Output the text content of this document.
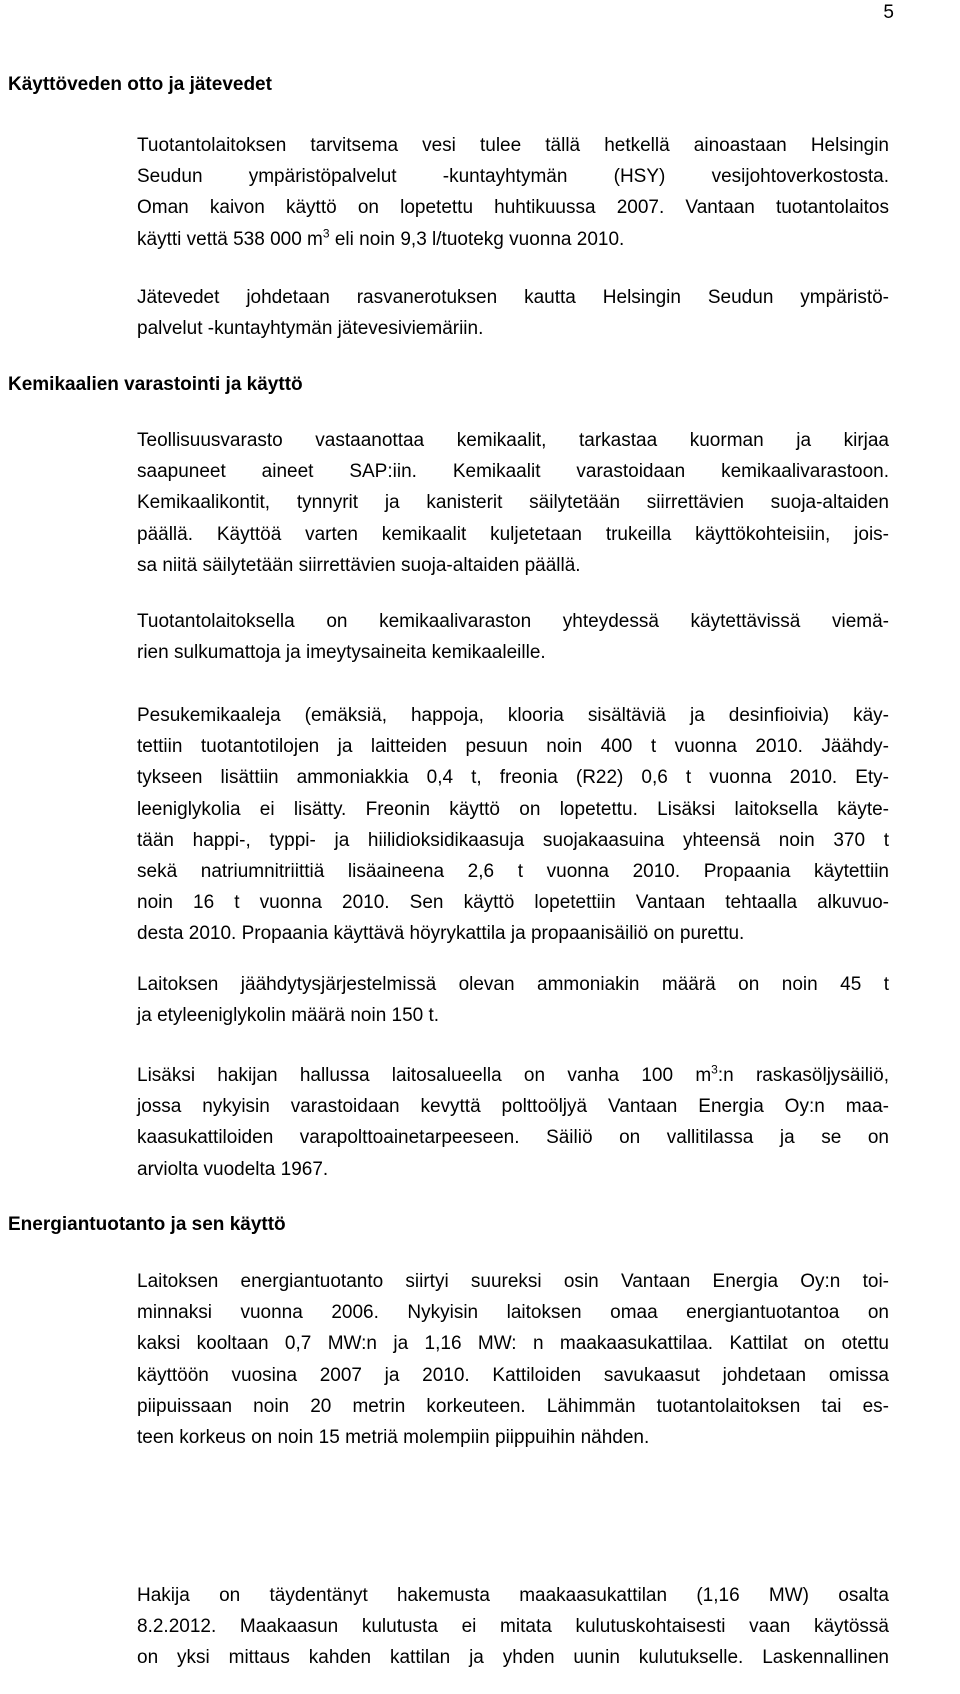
5
Käyttöveden otto ja jätevedet

Tuotantolaitoksen tarvitsema vesi tulee tällä hetkellä ainoastaan Helsingin
Seudun ympäristöpalvelut -kuntayhtymän (HSY) vesijohtoverkostosta.
Oman kaivon käyttö on lopetettu huhtikuussa 2007. Vantaan tuotantolaitos
käytti vettä 538 000 $m^3$ eli noin 9,3 l/tuotekg vuonna 2010.

Jätevedet johdetaan rasvanerotuksen kautta Helsingin Seudun ympäristö-
palvelut -kuntayhtymän jätevesiviemäriin.

Kemikaalien varastointi ja käyttö

Teollisuusvarasto vastaanottaa kemikaalit, tarkastaa kuorman ja kirjaa
saapuneet aineet SAP:iin. Kemikaalit varastoidaan kemikaalivarastoon.
Kemikaalikontit, tynnyrit ja kanisterit säilytetään siirrettävien suoja-altaiden
päällä. Käyttöä varten kemikaalit kuljetetaan trukeilla käyttökohteisiin, jois-
sa niitä säilytetään siirrettävien suoja-altaiden päällä.

Tuotantolaitoksella on kemikaalivaraston yhteydessä käytettävissä viemä-
rien sulkumattoja ja imeytysaineita kemikaaleille.

Pesukemikaaleja (emäksiä, happoja, klooria sisältäviä ja desinfioivia) käy-
tettiin tuotantotilojen ja laitteiden pesuun noin 400 t vuonna 2010. Jäähdy-
tykseen lisättiin ammoniakkia 0,4 t, freonia (R22) 0,6 t vuonna 2010. Ety-
leeniglykolia ei lisätty. Freonin käyttö on lopetettu. Lisäksi laitoksella käyte-
tään happi-, typpi- ja hiilidioksidikaasuja suojakaasuina yhteensä noin 370 t
sekä natriumnitriittiä lisäaineena 2,6 t vuonna 2010. Propaania käytettiin
noin 16 t vuonna 2010. Sen käyttö lopetettiin Vantaan tehtaalla alkuvuo-
desta 2010. Propaania käyttävä höyrykattila ja propaanisäiliö on purettu.

Laitoksen jäähdytysjärjestelmissä olevan ammoniakin määrä on noin 45 t
ja etyleeniglykolin määrä noin 150 t.

Lisäksi hakijan hallussa laitosalueella on vanha 100 $m^3:n$ raskasöljysäiliö,
jossa nykyisin varastoidaan kevyttä polttoöljyä Vantaan Energia Oy:n maa-
kaasukattiloiden varapolttoainetarpeeseen. Säiliö on vallitilassa ja se on
arviolta vuodelta 1967.

Energiantuotanto ja sen käyttö

Laitoksen energiantuotanto siirtyi suureksi osin Vantaan Energia Oy:n toi-
minnaksi vuonna 2006. Nykyisin laitoksen omaa energiantuotantoa on
kaksi kooltaan 0,7 MW:n ja 1,16 MW: n maakaasukattilaa. Kattilat on otettu
käyttöön vuosina 2007 ja 2010. Kattiloiden savukaasut johdetaan omissa
piipuissaan noin 20 metrin korkeuteen. Lähimmän tuotantolaitoksen tai es-
teen korkeus on noin 15 metriä molempiin piippuihin nähden.

Hakija on täydentänyt hakemusta maakaasukattilan (1,16 MW) osalta
8.2.2012. Maakaasun kulutusta ei mitata kulutuskohtaisesti vaan käytössä
on yksi mittaus kahden kattilan ja yhden uunin kulutukselle. Laskennallinen
